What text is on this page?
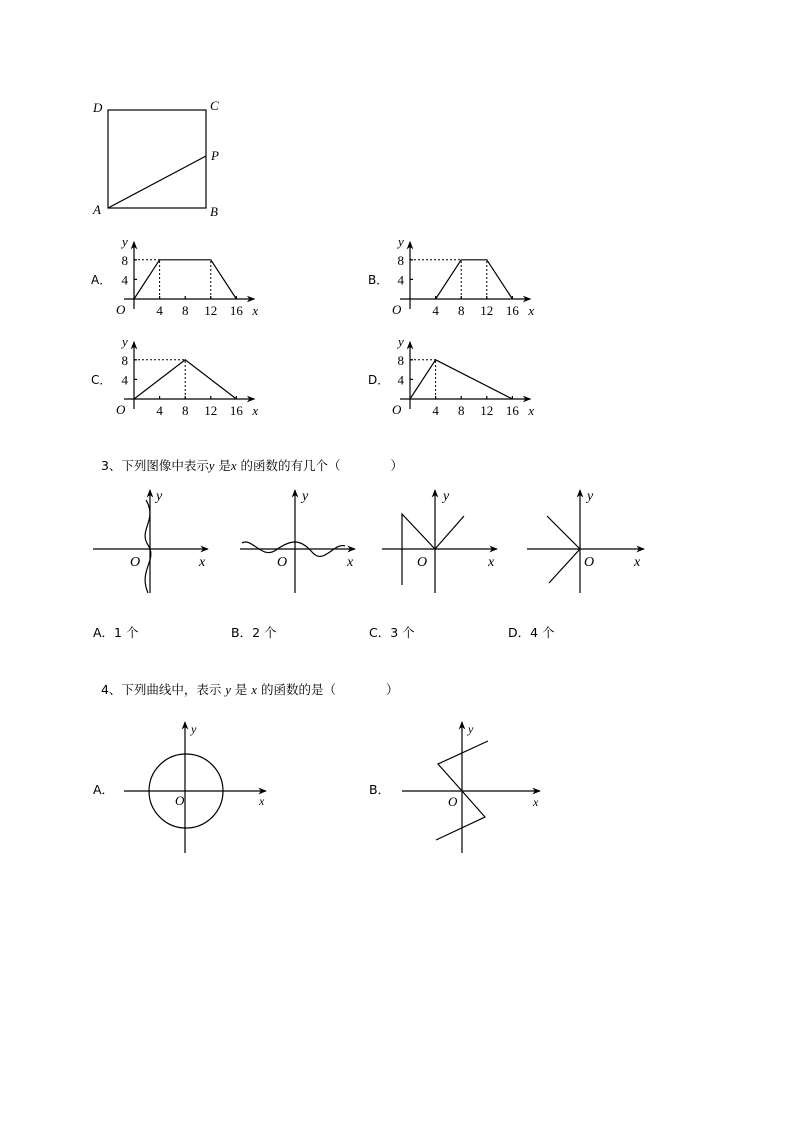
D	C
P
A	B
A．
4 8 12 16
4
8
O	x
y
B．
4 8 12 16
4
8
O	x
y
C．
4 8 12 16
4
8
O	x
y
D．
4 8 12 16
4
8
O	x
y

3、下列图像中表示y 是x 的函数的有几个（　　　　）

O	x
y
O	x
y
O	x
y
O	x
y
A．1 个	B．2 个	C．3 个	D．4 个

4、下列曲线中，表示 y 是 x 的函数的是（　　　　）

A．	B．
O	x
y
O	x
y
